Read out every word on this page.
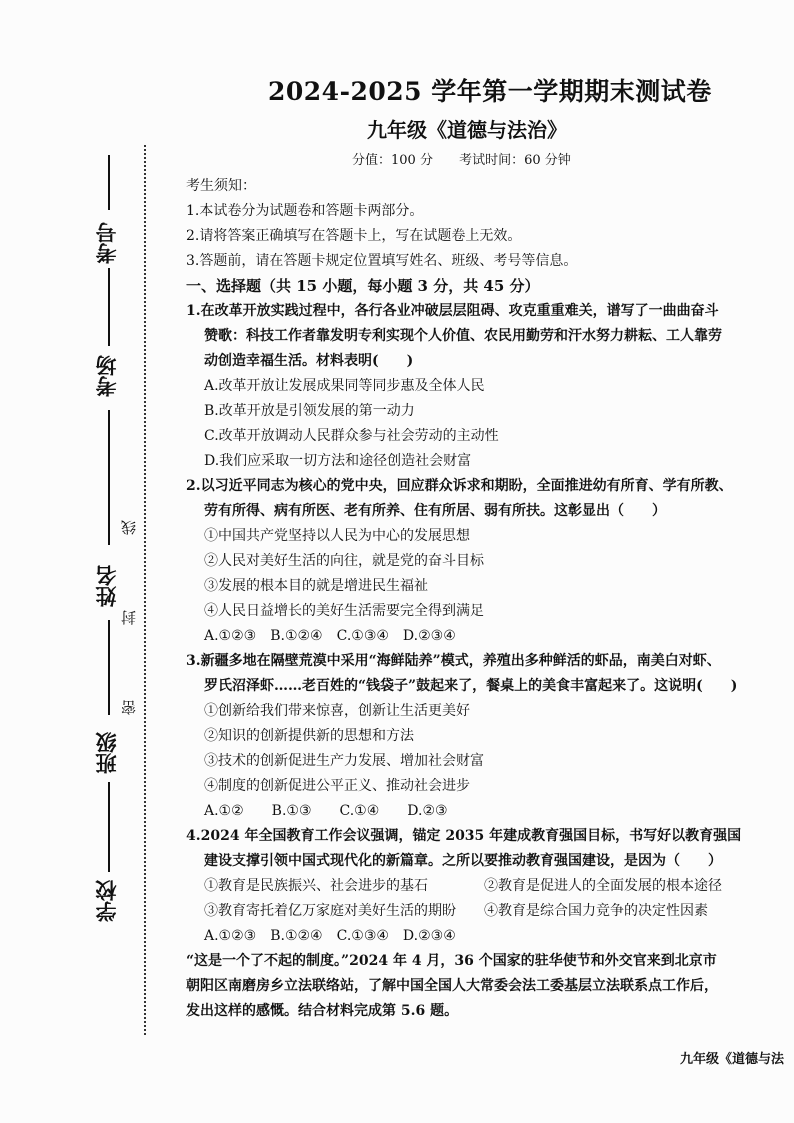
2024-2025 学年第一学期期末测试卷
九年级《道德与法治》
分值：100 分 考试时间：60 分钟
考号
考场
姓名
班级
学校
线
封
密
考生须知：
1.本试卷分为试题卷和答题卡两部分。
2.请将答案正确填写在答题卡上，写在试题卷上无效。
3.答题前，请在答题卡规定位置填写姓名、班级、考号等信息。
一、选择题（共 15 小题，每小题 3 分，共 45 分）
1.在改革开放实践过程中，各行各业冲破层层阻碍、攻克重重难关，谱写了一曲曲奋斗
赞歌：科技工作者靠发明专利实现个人价值、农民用勤劳和汗水努力耕耘、工人靠劳
动创造幸福生活。材料表明(　　)
A.改革开放让发展成果同等同步惠及全体人民
B.改革开放是引领发展的第一动力
C.改革开放调动人民群众参与社会劳动的主动性
D.我们应采取一切方法和途径创造社会财富
2.以习近平同志为核心的党中央，回应群众诉求和期盼，全面推进幼有所育、学有所教、
劳有所得、病有所医、老有所养、住有所居、弱有所扶。这彰显出（　　）
①中国共产党坚持以人民为中心的发展思想
②人民对美好生活的向往，就是党的奋斗目标
③发展的根本目的就是增进民生福祉
④人民日益增长的美好生活需要完全得到满足
A.①②③　B.①②④　C.①③④　D.②③④
3.新疆多地在隔壁荒漠中采用“海鲜陆养”模式，养殖出多种鲜活的虾品，南美白对虾、
罗氏沼泽虾……老百姓的“钱袋子”鼓起来了，餐桌上的美食丰富起来了。这说明(　　)
①创新给我们带来惊喜，创新让生活更美好
②知识的创新提供新的思想和方法
③技术的创新促进生产力发展、增加社会财富
④制度的创新促进公平正义、推动社会进步
A.①②　　B.①③　　C.①④　　D.②③
4.2024 年全国教育工作会议强调，锚定 2035 年建成教育强国目标，书写好以教育强国
建设支撑引领中国式现代化的新篇章。之所以要推动教育强国建设，是因为（　　）
①教育是民族振兴、社会进步的基石	②教育是促进人的全面发展的根本途径
③教育寄托着亿万家庭对美好生活的期盼	④教育是综合国力竞争的决定性因素
A.①②③　B.①②④　C.①③④　D.②③④
“这是一个了不起的制度。”2024 年 4 月，36 个国家的驻华使节和外交官来到北京市
朝阳区南磨房乡立法联络站，了解中国全国人大常委会法工委基层立法联系点工作后，
发出这样的感慨。结合材料完成第 5.6 题。
九年级《道德与法
